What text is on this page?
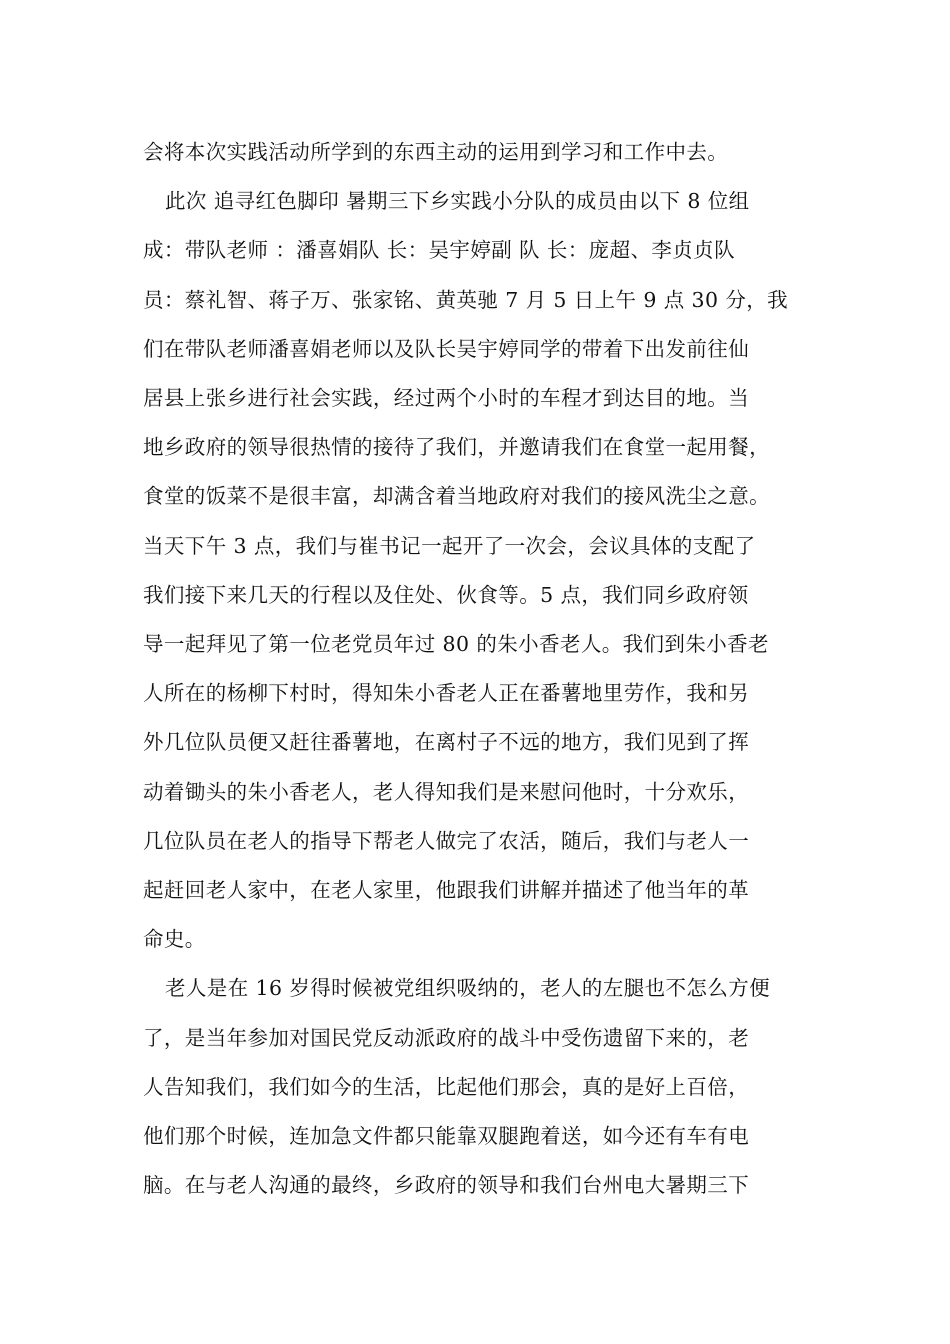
会将本次实践活动所学到的东西主动的运用到学习和工作中去。

此次 追寻红色脚印 暑期三下乡实践小分队的成员由以下 8 位组
成：带队老师 ：潘喜娟队 长：吴宇婷副 队 长：庞超、李贞贞队
员：蔡礼智、蒋子万、张家铭、黄英驰 7 月 5 日上午 9 点 30 分，我
们在带队老师潘喜娟老师以及队长吴宇婷同学的带着下出发前往仙
居县上张乡进行社会实践，经过两个小时的车程才到达目的地。当
地乡政府的领导很热情的接待了我们，并邀请我们在食堂一起用餐，
食堂的饭菜不是很丰富，却满含着当地政府对我们的接风洗尘之意。
当天下午 3 点，我们与崔书记一起开了一次会，会议具体的支配了
我们接下来几天的行程以及住处、伙食等。5 点，我们同乡政府领
导一起拜见了第一位老党员年过 80 的朱小香老人。我们到朱小香老
人所在的杨柳下村时，得知朱小香老人正在番薯地里劳作，我和另
外几位队员便又赶往番薯地，在离村子不远的地方，我们见到了挥
动着锄头的朱小香老人，老人得知我们是来慰问他时，十分欢乐，
几位队员在老人的指导下帮老人做完了农活，随后，我们与老人一
起赶回老人家中，在老人家里，他跟我们讲解并描述了他当年的革
命史。

老人是在 16 岁得时候被党组织吸纳的，老人的左腿也不怎么方便
了，是当年参加对国民党反动派政府的战斗中受伤遗留下来的，老
人告知我们，我们如今的生活，比起他们那会，真的是好上百倍，
他们那个时候，连加急文件都只能靠双腿跑着送，如今还有车有电
脑。在与老人沟通的最终，乡政府的领导和我们台州电大暑期三下
